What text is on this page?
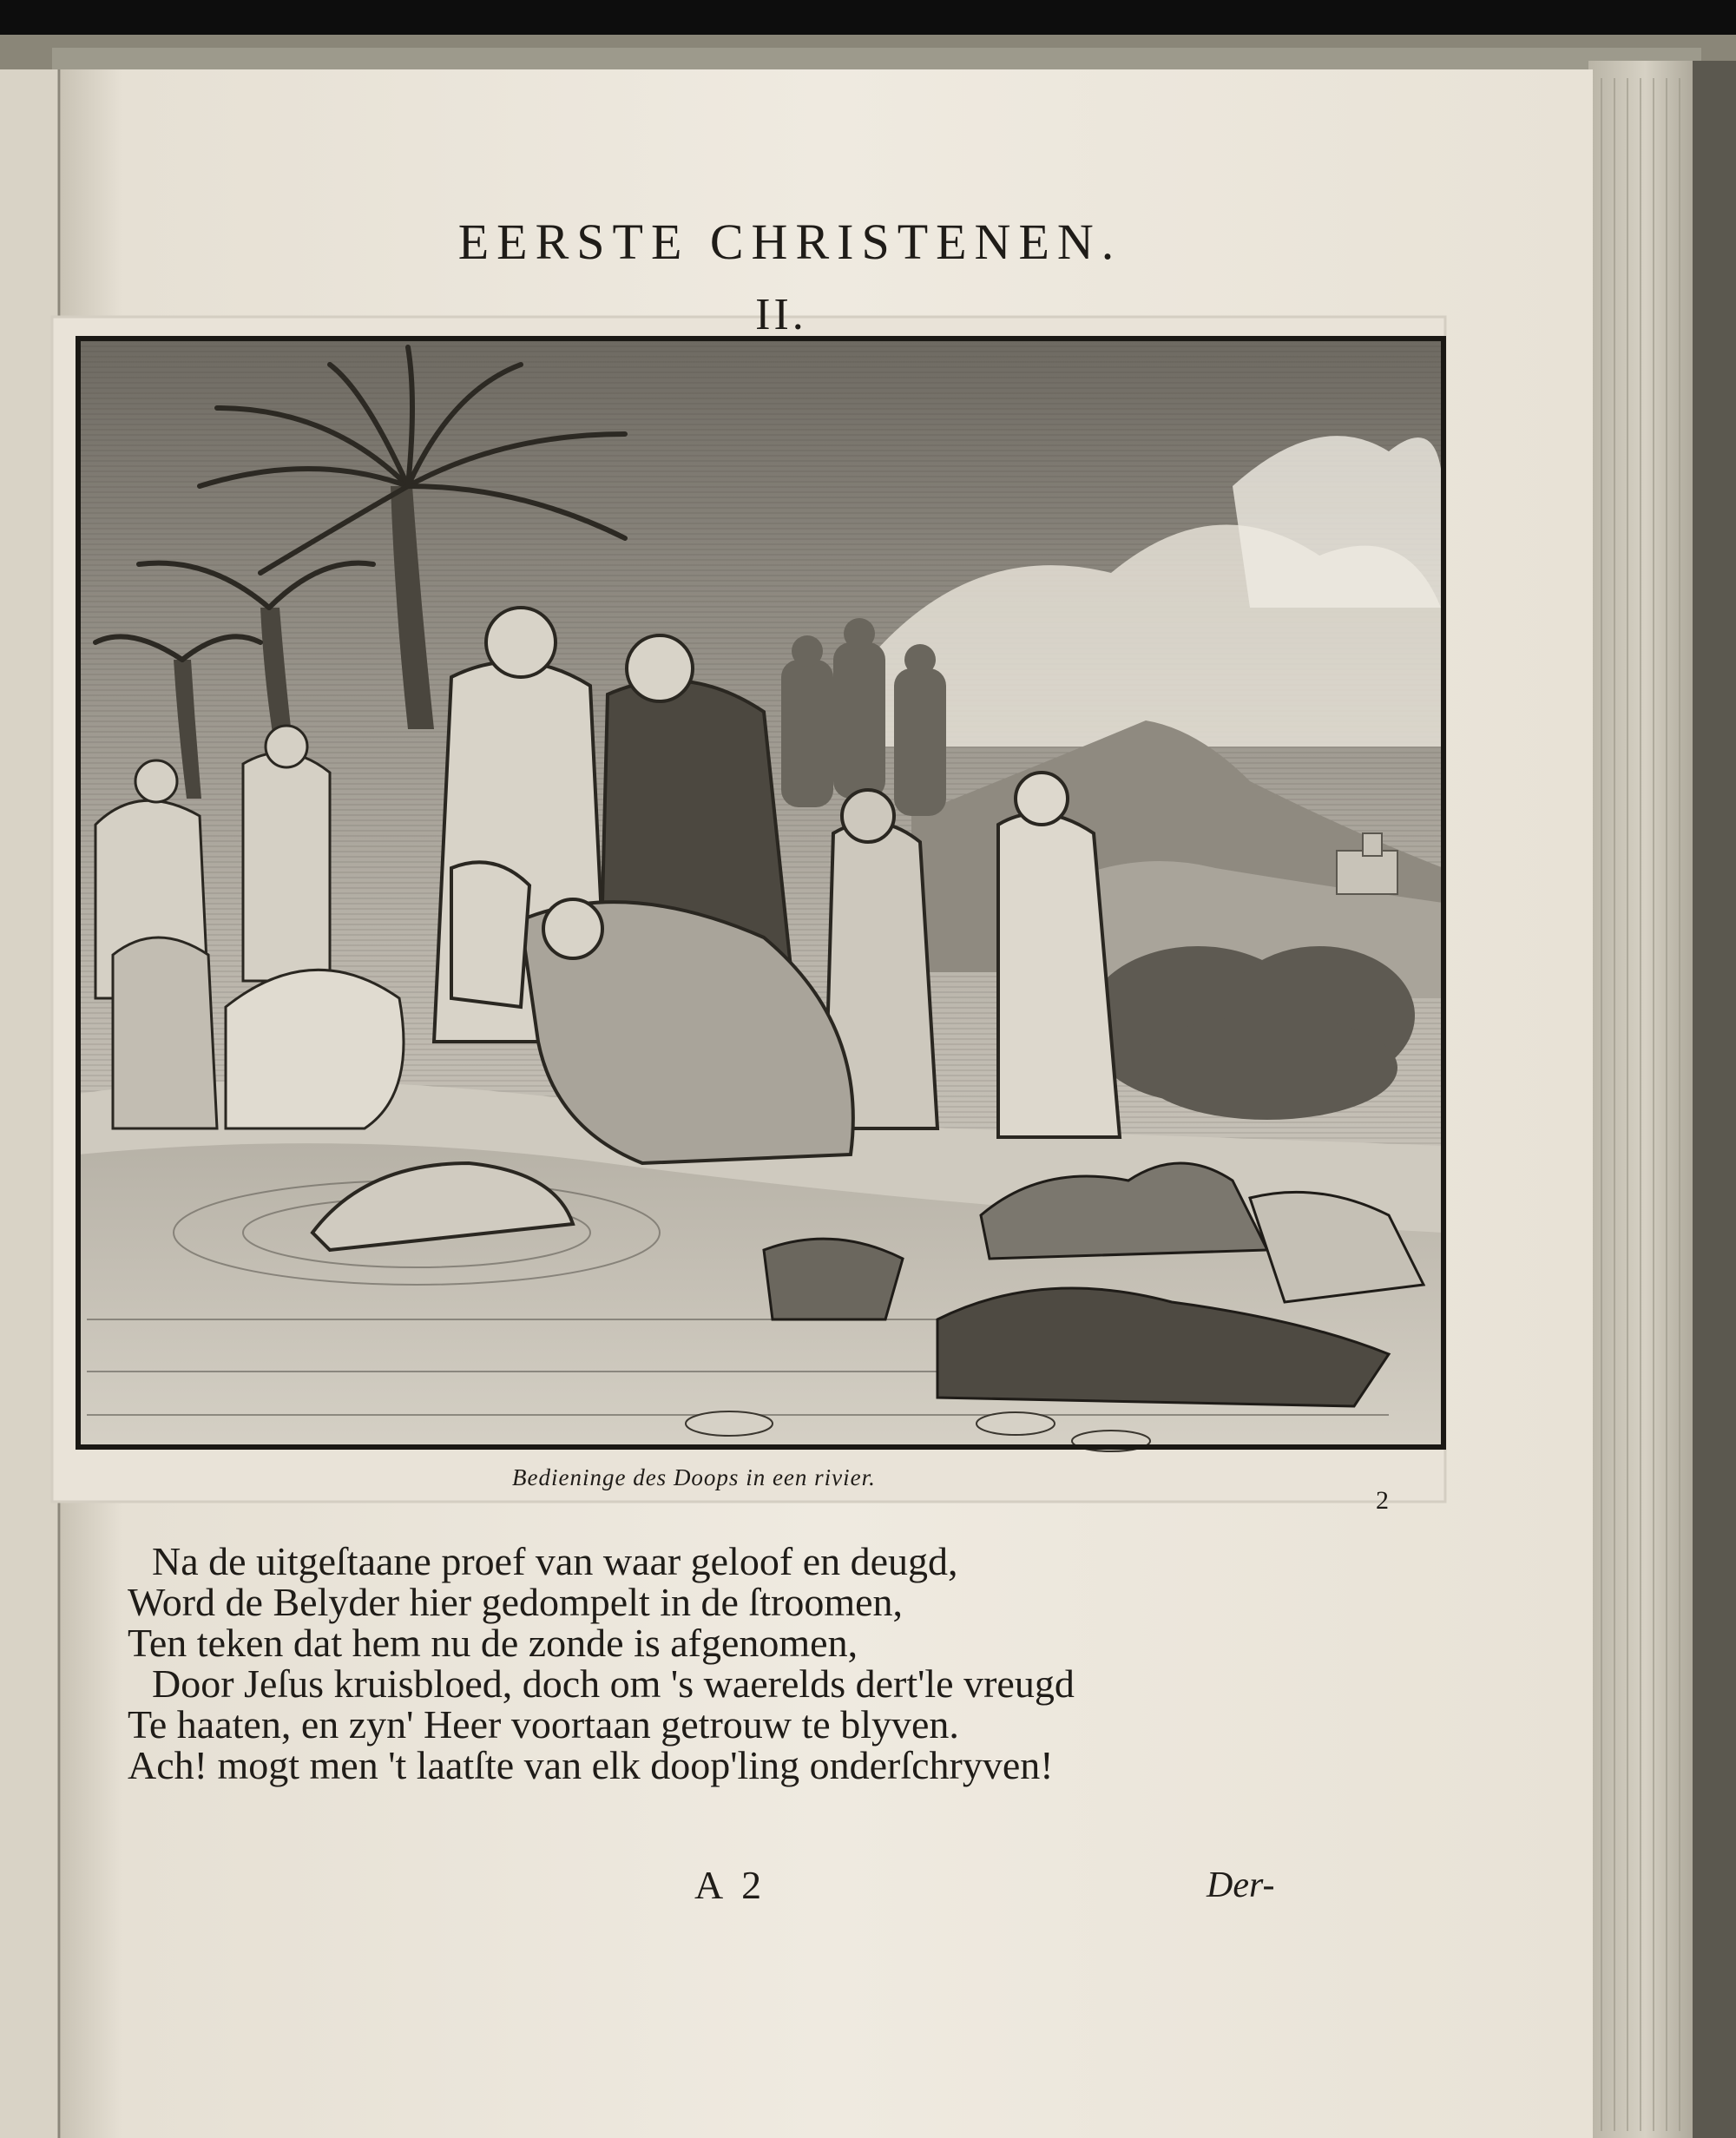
EERSTE CHRISTENEN.
II.
Bedieninge des Doops in een rivier.
2
Na de uitgeſtaane proef van waar geloof en deugd,
Word de Belyder hier gedompelt in de ſtroomen,
Ten teken dat hem nu de zonde is afgenomen,
Door Jeſus kruisbloed, doch om 's waerelds dert'le vreugd
Te haaten, en zyn' Heer voortaan getrouw te blyven.
Ach! mogt men 't laatſte van elk doop'ling onderſchryven!
A 2	Der-
